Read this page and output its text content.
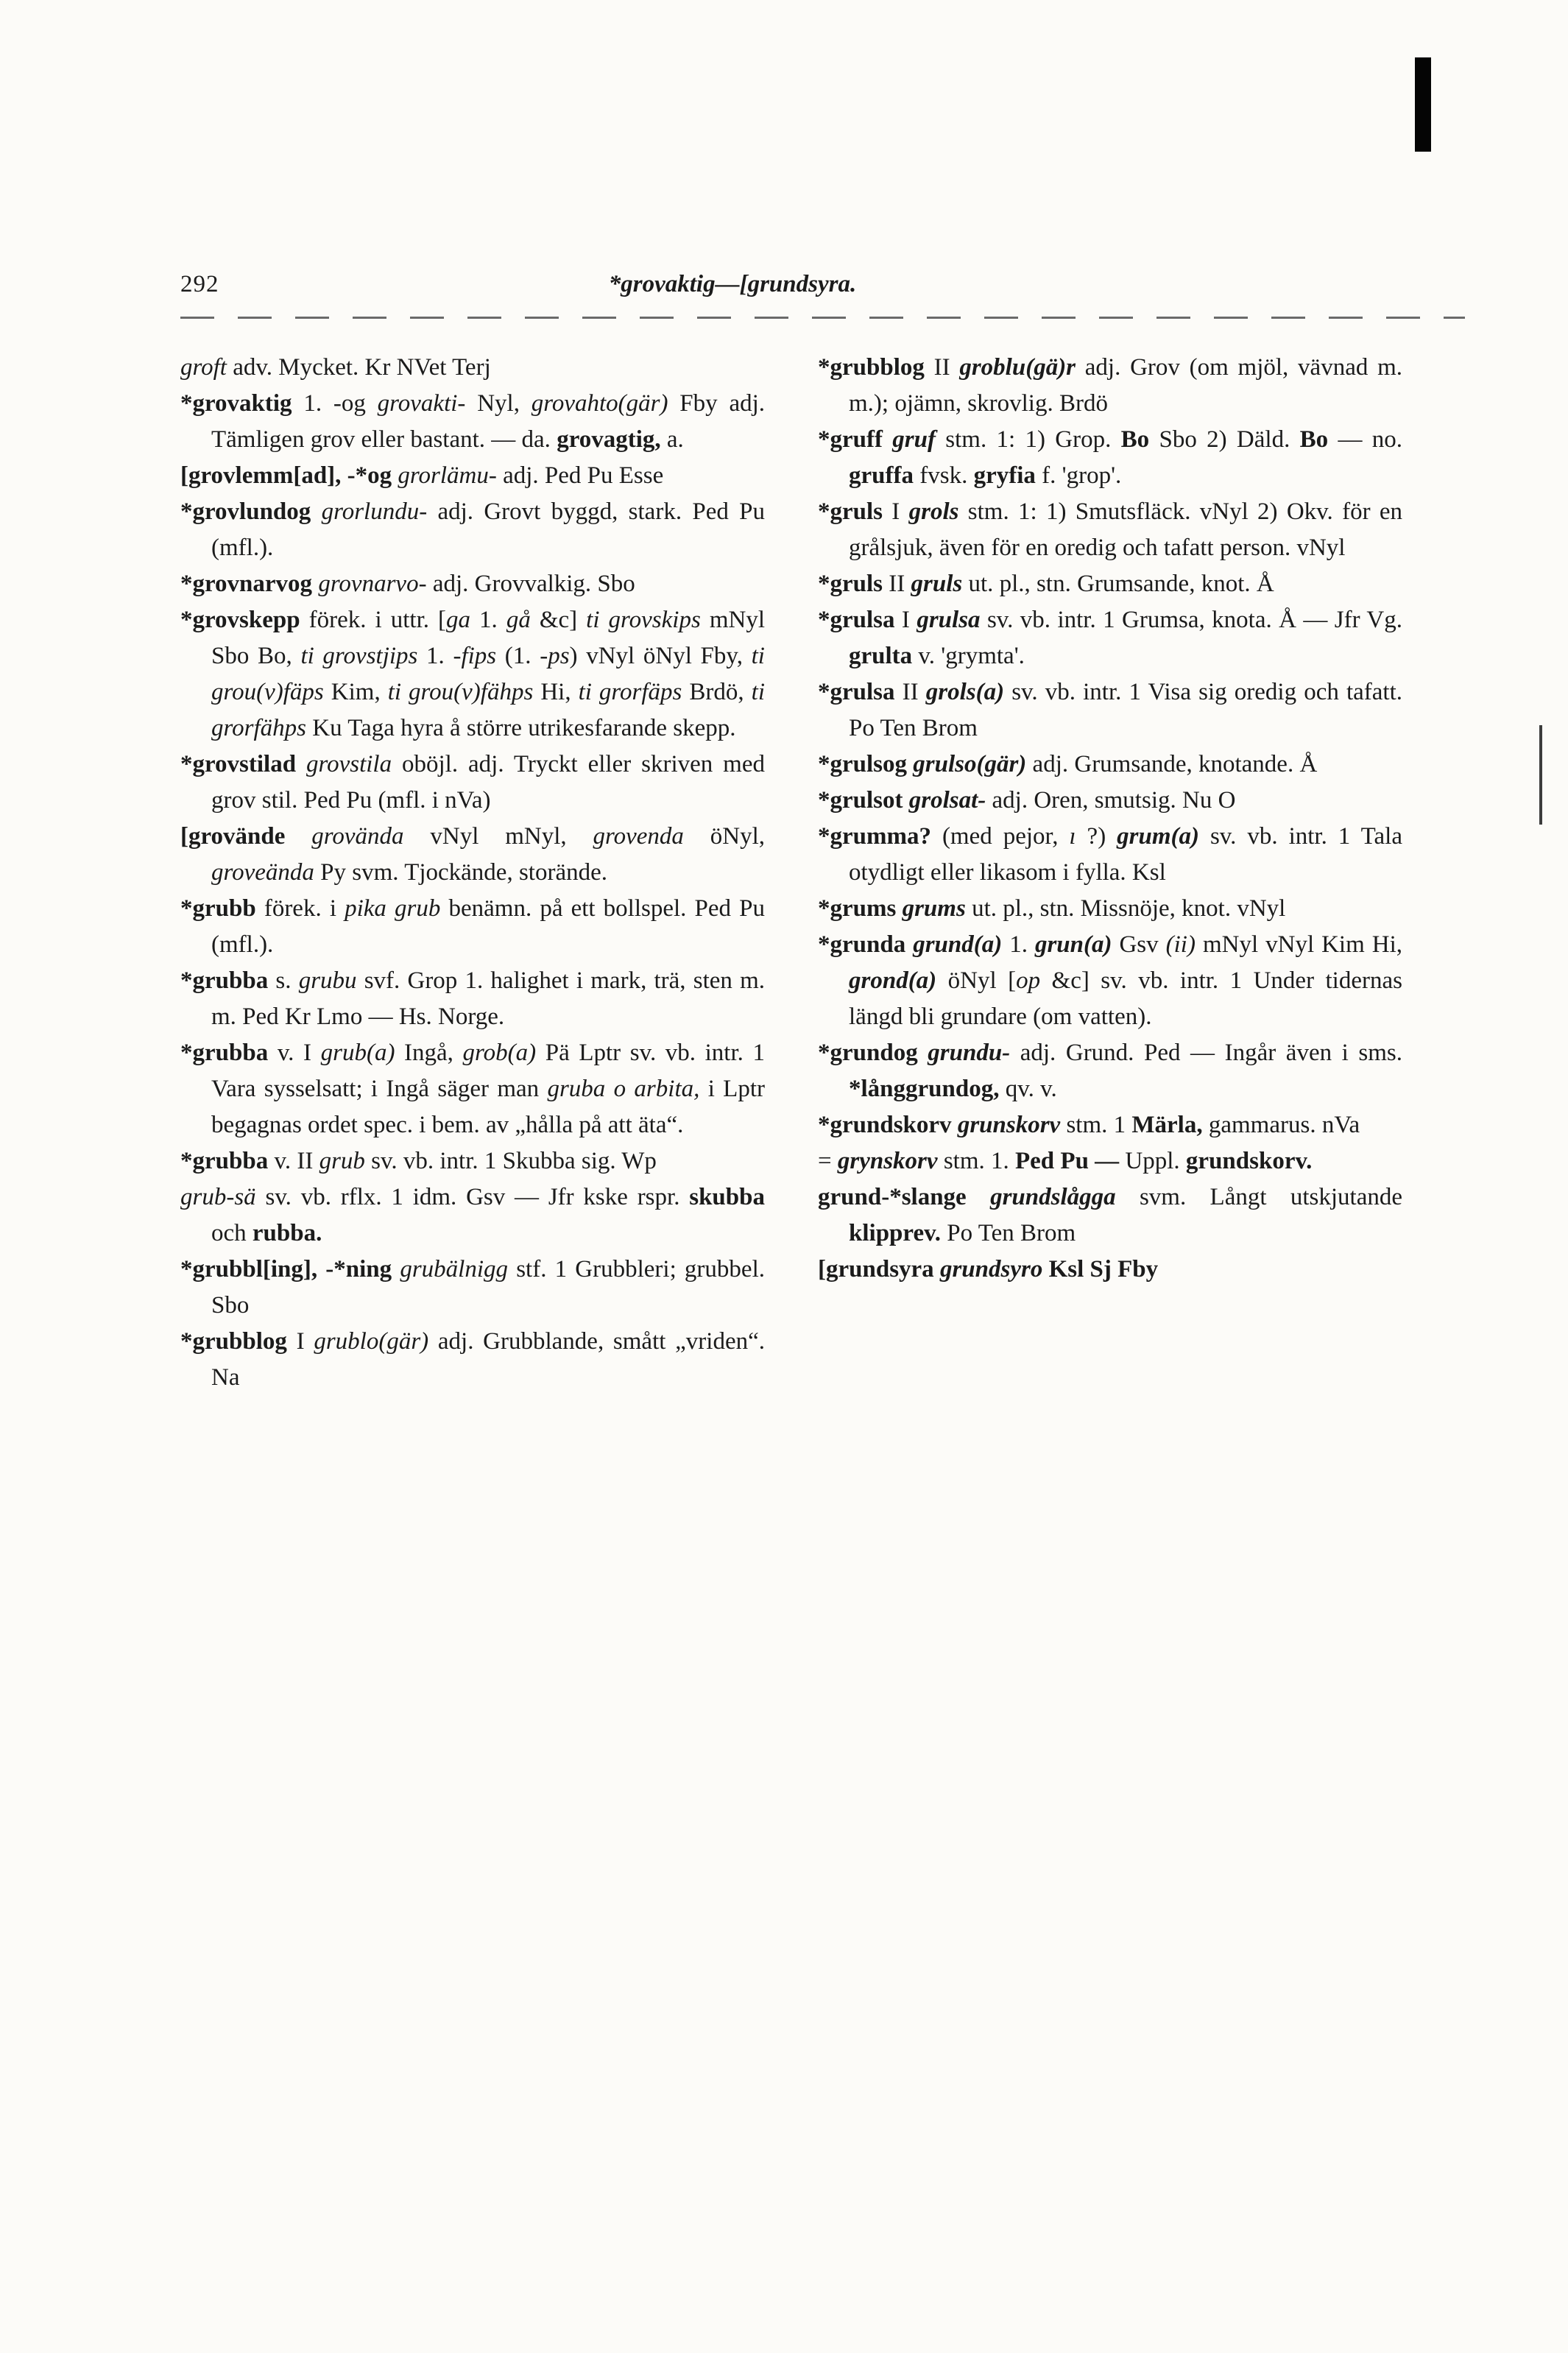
292	*grovaktig—[grundsyra.

groft adv. Mycket. Kr NVet Terj

*grovaktig 1. -og grovakti- Nyl, grovahto(gär) Fby adj. Tämligen grov eller bastant. — da. grovagtig, a.

[grovlemm[ad], -*og grorlämu- adj. Ped Pu Esse

*grovlundog grorlundu- adj. Grovt byggd, stark. Ped Pu (mfl.).

*grovnarvog grovnarvo- adj. Grovvalkig. Sbo

*grovskepp förek. i uttr. [ga 1. gå &c] ti grovskips mNyl Sbo Bo, ti grovstjips 1. -fips (1. -ps) vNyl öNyl Fby, ti grou(v)fäps Kim, ti grou(v)fähps Hi, ti grorfäps Brdö, ti grorfähps Ku Taga hyra å större utrikesfarande skepp.

*grovstilad grovstila oböjl. adj. Tryckt eller skriven med grov stil. Ped Pu (mfl. i nVa)

[grovände grovända vNyl mNyl, grovenda öNyl, groveända Py svm. Tjockände, storände.

*grubb förek. i pika grub benämn. på ett bollspel. Ped Pu (mfl.).

*grubba s. grubu svf. Grop 1. halighet i mark, trä, sten m. m. Ped Kr Lmo — Hs. Norge.

*grubba v. I grub(a) Ingå, grob(a) Pä Lptr sv. vb. intr. 1 Vara sysselsatt; i Ingå säger man gruba o arbita, i Lptr begagnas ordet spec. i bem. av „hålla på att äta“.

*grubba v. II grub sv. vb. intr. 1 Skubba sig. Wp

grub-sä sv. vb. rflx. 1 idm. Gsv — Jfr kske rspr. skubba och rubba.

*grubbl[ing], -*ning grubälnigg stf. 1 Grubbleri; grubbel. Sbo

*grubblog I grublo(gär) adj. Grubblande, smått „vriden“. Na

*grubblog II groblu(gä)r adj. Grov (om mjöl, vävnad m. m.); ojämn, skrovlig. Brdö

*gruff gruf stm. 1: 1) Grop. Bo Sbo 2) Däld. Bo — no. gruffa fvsk. gryfia f. 'grop'.

*gruls I grols stm. 1: 1) Smutsfläck. vNyl 2) Okv. för en grålsjuk, även för en oredig och tafatt person. vNyl

*gruls II gruls ut. pl., stn. Grumsande, knot. Å

*grulsa I grulsa sv. vb. intr. 1 Grumsa, knota. Å — Jfr Vg. grulta v. 'grymta'.

*grulsa II grols(a) sv. vb. intr. 1 Visa sig oredig och tafatt. Po Ten Brom

*grulsog grulso(gär) adj. Grumsande, knotande. Å

*grulsot grolsat- adj. Oren, smutsig. Nu O

*grumma? (med pejor, ı ?) grum(a) sv. vb. intr. 1 Tala otydligt eller likasom i fylla. Ksl

*grums grums ut. pl., stn. Missnöje, knot. vNyl

*grunda grund(a) 1. grun(a) Gsv (ii) mNyl vNyl Kim Hi, grond(a) öNyl [op &c] sv. vb. intr. 1 Under tidernas längd bli grundare (om vatten).

*grundog grundu- adj. Grund. Ped — Ingår även i sms. *långgrundog, qv. v.

*grundskorv grunskorv stm. 1 Märla, gammarus. nVa

= grynskorv stm. 1. Ped Pu — Uppl. grundskorv.

grund-*slange grundslågga svm. Långt utskjutande klipprev. Po Ten Brom

[grundsyra grundsyro Ksl Sj Fby
